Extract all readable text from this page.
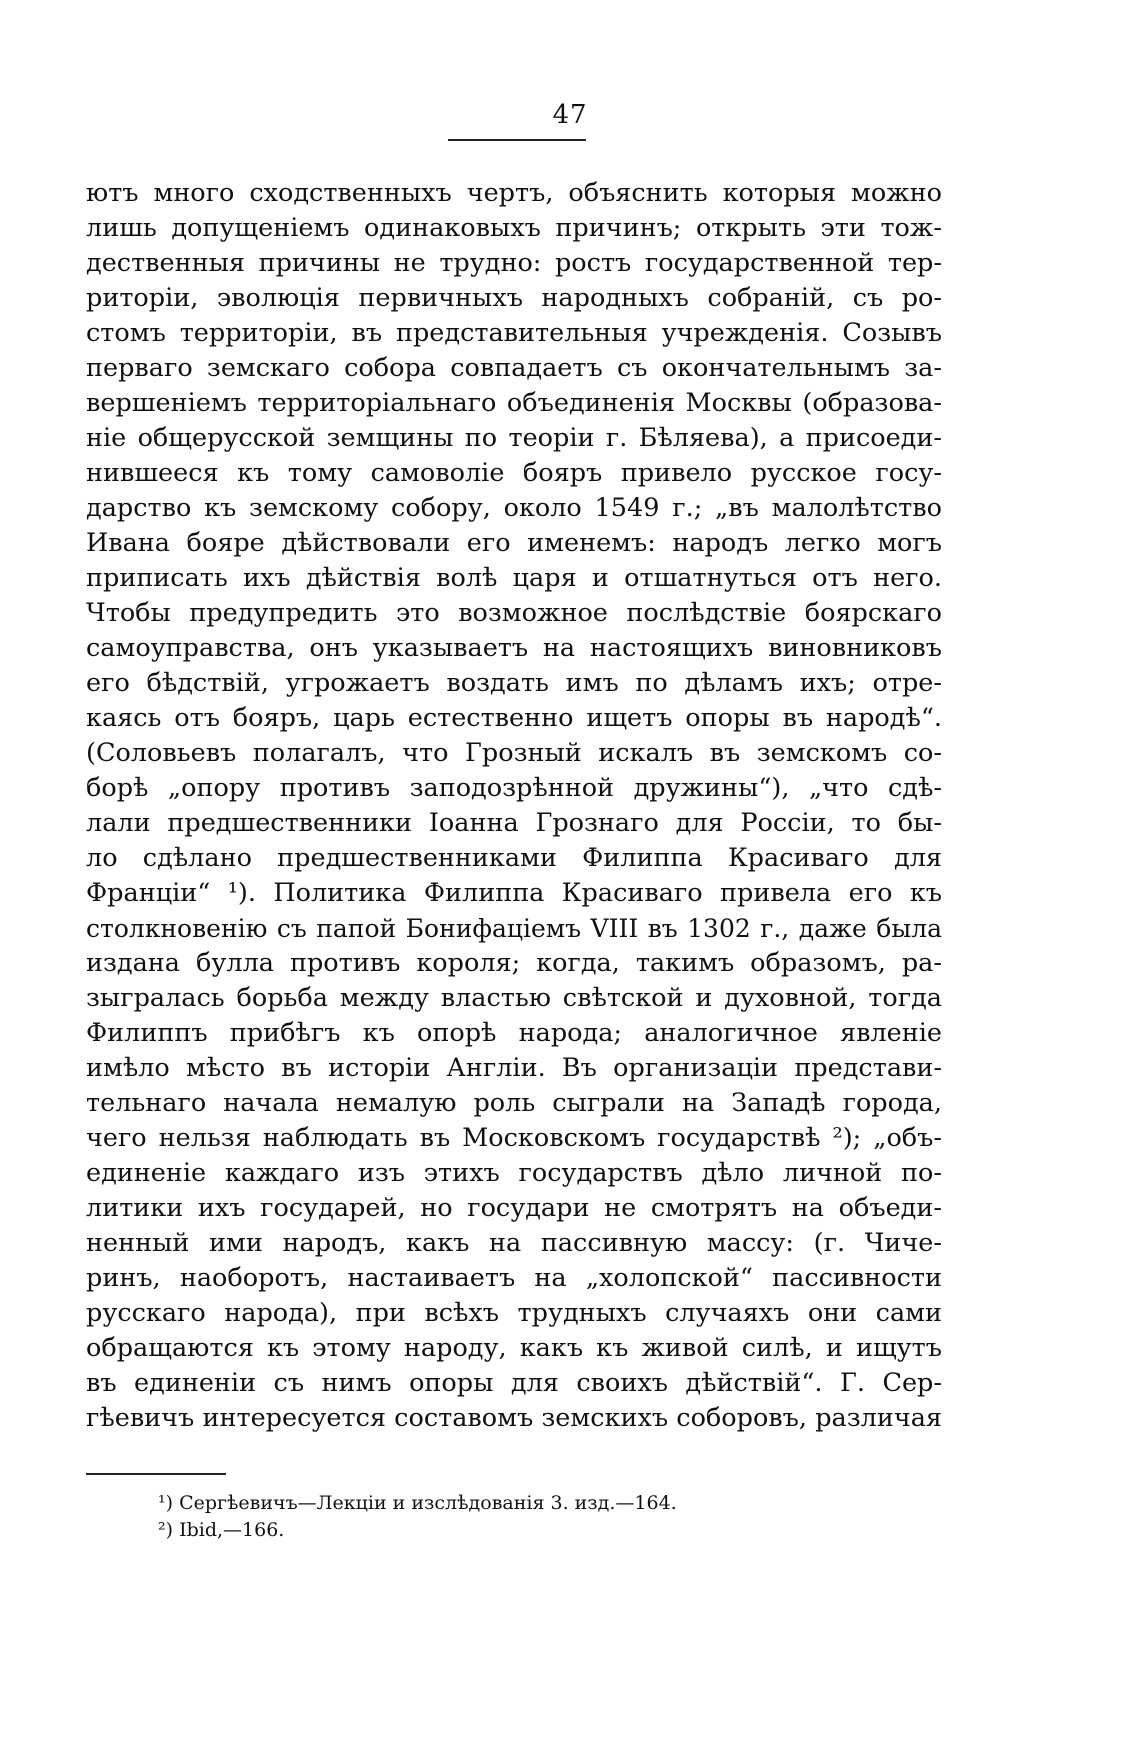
47
ютъ много сходственныхъ чертъ, объяснить которыя можно
лишь допущеніемъ одинаковыхъ причинъ; открыть эти тож-
дественныя причины не трудно: ростъ государственной тер-
риторіи, эволюція первичныхъ народныхъ собраній, съ ро-
стомъ территоріи, въ представительныя учрежденія. Созывъ
перваго земскаго собора совпадаетъ съ окончательнымъ за-
вершеніемъ территоріальнаго объединенія Москвы (образова-
ніе общерусской земщины по теоріи г. Бѣляева), а присоеди-
нившееся къ тому самоволіе бояръ привело русское госу-
дарство къ земскому собору, около 1549 г.; „въ малолѣтство
Ивана бояре дѣйствовали его именемъ: народъ легко могъ
приписать ихъ дѣйствія волѣ царя и отшатнуться отъ него.
Чтобы предупредить это возможное послѣдствіе боярскаго
самоуправства, онъ указываетъ на настоящихъ виновниковъ
его бѣдствій, угрожаетъ воздать имъ по дѣламъ ихъ; отре-
каясь отъ бояръ, царь естественно ищетъ опоры въ народѣ“.
(Соловьевъ полагалъ, что Грозный искалъ въ земскомъ со-
борѣ „опору противъ заподозрѣнной дружины“), „что сдѣ-
лали предшественники Іоанна Грознаго для Россіи, то бы-
ло сдѣлано предшественниками Филиппа Красиваго для
Франціи“ ¹). Политика Филиппа Красиваго привела его къ
столкновенію съ папой Бонифаціемъ VIII въ 1302 г., даже была
издана булла противъ короля; когда, такимъ образомъ, ра-
зыгралась борьба между властью свѣтской и духовной, тогда
Филиппъ прибѣгъ къ опорѣ народа; аналогичное явленіе
имѣло мѣсто въ исторіи Англіи. Въ организаціи представи-
тельнаго начала немалую роль сыграли на Западѣ города,
чего нельзя наблюдать въ Московскомъ государствѣ ²); „объ-
единеніе каждаго изъ этихъ государствъ дѣло личной по-
литики ихъ государей, но государи не смотрятъ на объеди-
ненный ими народъ, какъ на пассивную массу: (г. Чиче-
ринъ, наоборотъ, настаиваетъ на „холопской“ пассивности
русскаго народа), при всѣхъ трудныхъ случаяхъ они сами
обращаются къ этому народу, какъ къ живой силѣ, и ищутъ
въ единеніи съ нимъ опоры для своихъ дѣйствій“. Г. Сер-
гѣевичъ интересуется составомъ земскихъ соборовъ, различая
¹) Сергѣевичъ—Лекціи и изслѣдованія 3. изд.—164.
²) Ibid,—166.
